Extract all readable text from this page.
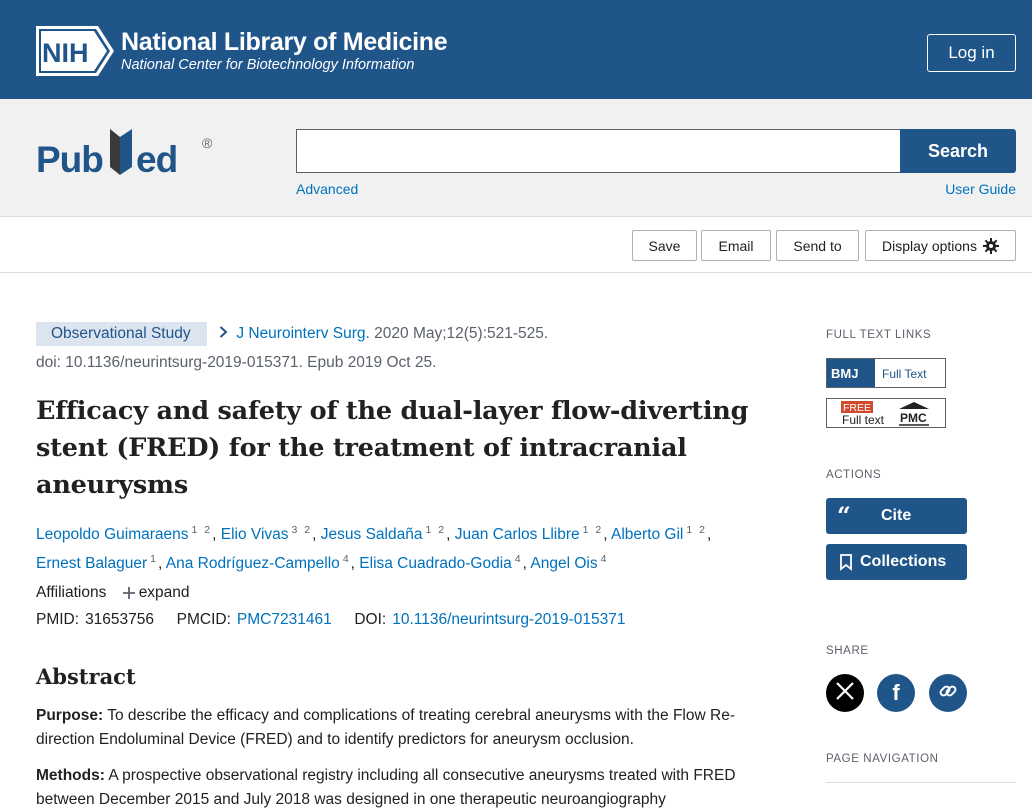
NIH National Library of Medicine
National Center for Biotechnology Information
Log in
Pub ed ®	Search
Advanced	User Guide
Save	Email	Send to	Display options
Observational Study	J Neurointerv Surg. 2020 May;12(5):521-525.
doi: 10.1136/neurintsurg-2019-015371. Epub 2019 Oct 25.
Efficacy and safety of the dual-layer flow-diverting stent (FRED) for the treatment of intracranial aneurysms
Leopoldo Guimaraens $^{1 2}$, Elio Vivas $^{3 2}$, Jesus Saldaña $^{1 2}$, Juan Carlos Llibre $^{1 2}$, Alberto Gil $^{1 2}$,
Ernest Balaguer $^1$, Ana Rodríguez-Campello $^4$, Elisa Cuadrado-Godia $^4$, Angel Ois $^4$
Affiliations expand
PMID: 31653756 PMCID: PMC7231461 DOI: 10.1136/neurintsurg-2019-015371
Abstract

Purpose: To describe the efficacy and complications of treating cerebral aneurysms with the Flow Re-direction Endoluminal Device (FRED) and to identify predictors for aneurysm occlusion.

Methods: A prospective observational registry including all consecutive aneurysms treated with FRED between December 2015 and July 2018 was designed in one therapeutic neuroangiography

FULL TEXT LINKS
BMJ Full Text
FREE
Full text PMC
ACTIONS
“ Cite
Collections
SHARE
f
PAGE NAVIGATION
